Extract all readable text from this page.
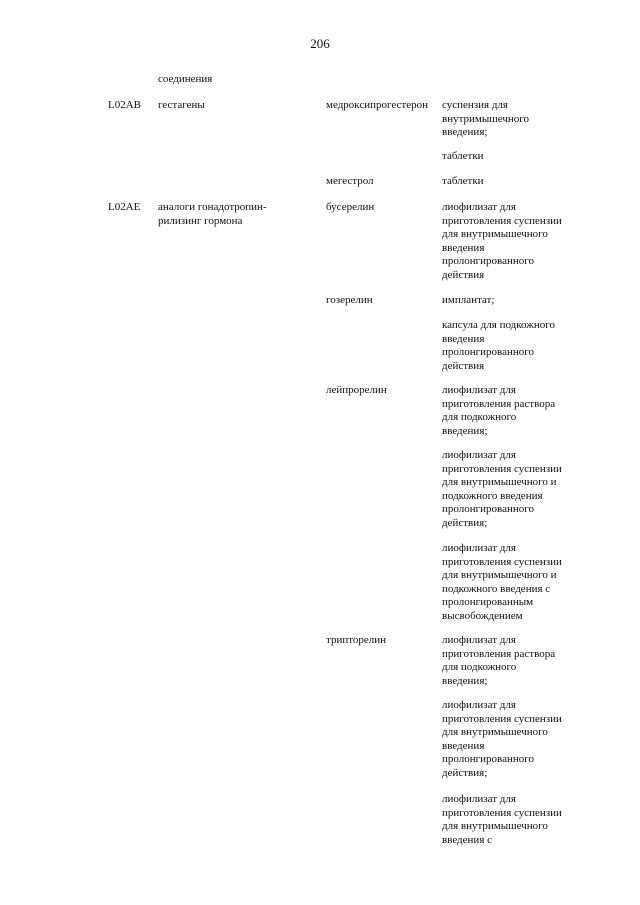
206
соединения
L02AB гестагены	медроксипрогестерон суспензия для
внутримышечного
введения;
таблетки
мегестрол	таблетки
L02AE аналоги гонадотропин-
рилизинг гормона
бусерелин	лиофилизат для
приготовления суспензии
для внутримышечного
введения
пролонгированного
действия
гозерелин	имплантат;
капсула для подкожного
введения
пролонгированного
действия
лейпрорелин	лиофилизат для
приготовления раствора
для подкожного
введения;
лиофилизат для
приготовления суспензии
для внутримышечного и
подкожного введения
пролонгированного
действия;
лиофилизат для
приготовления суспензии
для внутримышечного и
подкожного введения с
пролонгированным
высвобождением
трипторелин	лиофилизат для
приготовления раствора
для подкожного
введения;
лиофилизат для
приготовления суспензии
для внутримышечного
введения
пролонгированного
действия;
лиофилизат для
приготовления суспензии
для внутримышечного
введения с
